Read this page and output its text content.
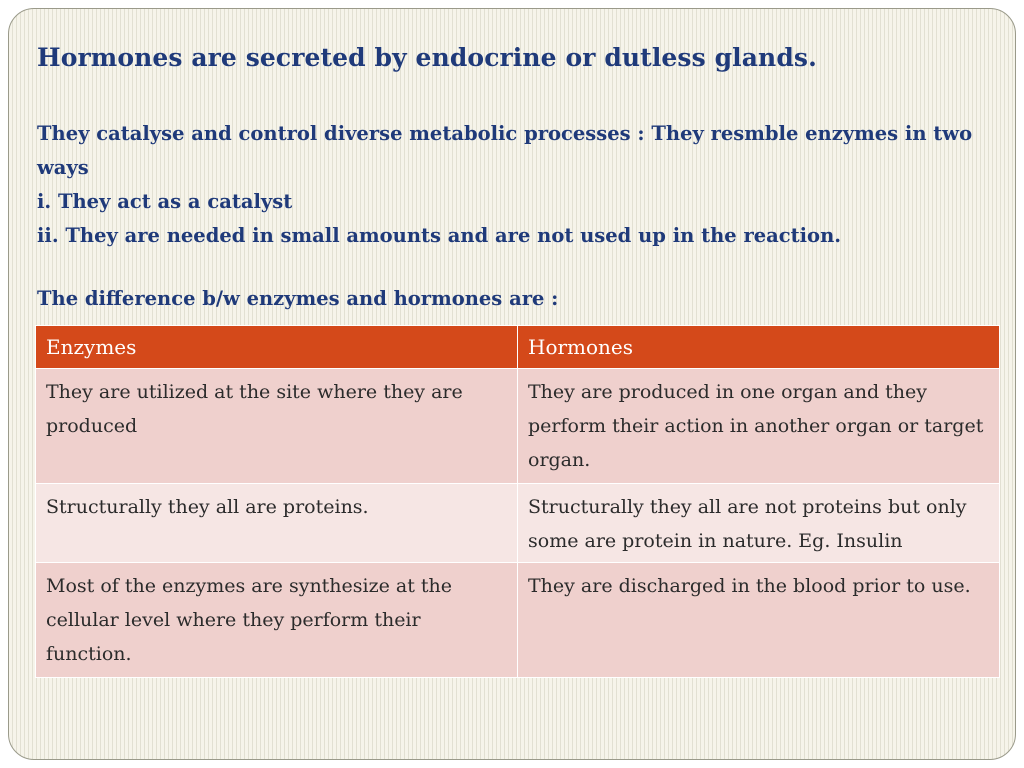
Hormones are secreted by endocrine or dutless glands.

They catalyse and control diverse metabolic processes : They resmble enzymes in two ways

i. They act as a catalyst

ii. They are needed in small amounts and are not used up in the reaction.

The difference b/w enzymes and hormones are :
Enzymes	Hormones
They are utilized at the site where they are produced	They are produced in one organ and they perform their action in another organ or target organ.
Structurally they all are proteins.	Structurally they all are not proteins but only some are protein in nature. Eg. Insulin
Most of the enzymes are synthesize at the cellular level where they perform their function.	They are discharged in the blood prior to use.
